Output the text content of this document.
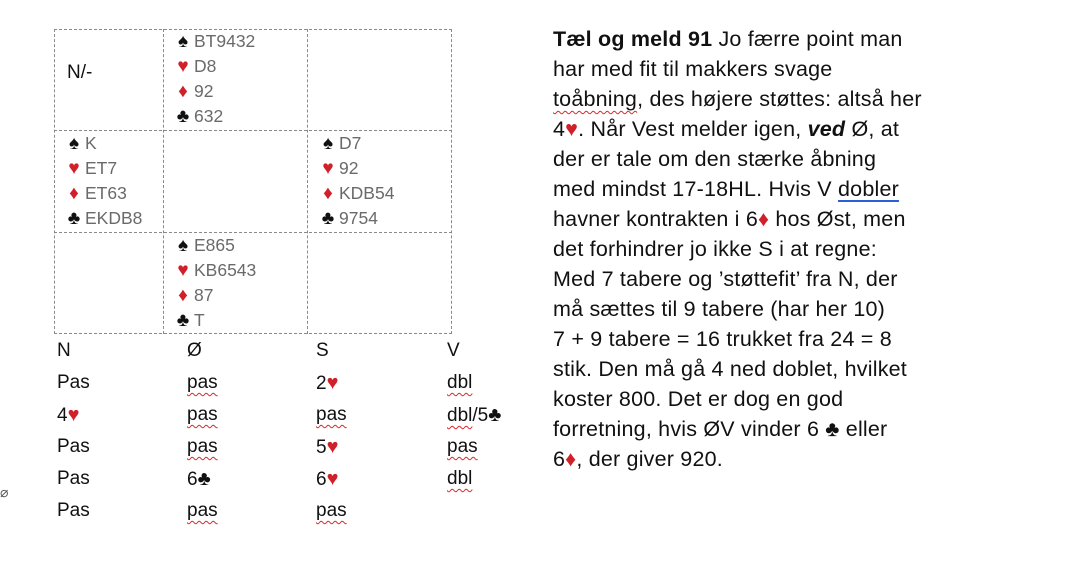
N/-
♠ BT9432
♥ D8
♦ 92
♣ 632
♠ K
♥ ET7
♦ ET63
♣ EKDB8
♠ D7
♥ 92
♦ KDB54
♣ 9754
♠ E865
♥ KB6543
♦ 87
♣ T
N	Ø	S	V
Pas	pas	2♥	dbl
4♥	pas	pas	dbl/5♣
Pas	pas	5♥	pas
Pas	6♣	6♥	dbl
Pas	pas	pas
⌀
Tæl og meld 91 Jo færre point man
har med fit til makkers svage
toåbning, des højere støttes: altså her
4♥. Når Vest melder igen, ved Ø, at
der er tale om den stærke åbning
med mindst 17-18HL. Hvis V dobler
havner kontrakten i 6♦ hos Øst, men
det forhindrer jo ikke S i at regne:
Med 7 tabere og ’støttefit’ fra N, der
må sættes til 9 tabere (har her 10)
7 + 9 tabere = 16 trukket fra 24 = 8
stik. Den må gå 4 ned doblet, hvilket
koster 800. Det er dog en god
forretning, hvis ØV vinder 6 ♣ eller
6♦, der giver 920.
